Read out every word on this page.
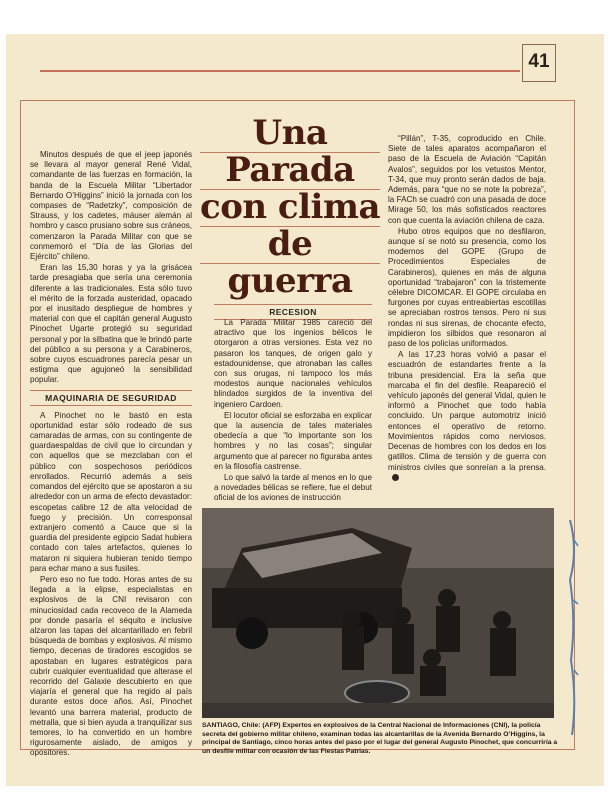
41
Una
Parada
con clima
de
guerra

Minutos después de que el jeep japonés se llevara al mayor general René Vidal, comandante de las fuerzas en formación, la banda de la Escuela Militar “Libertador Bernardo O’Higgins” inició la jornada con los compases de “Radetzky”, composición de Strauss, y los cadetes, máuser alemán al hombro y casco prusiano sobre sus cráneos, comenzaron la Parada Militar con que se conmemoró el “Día de las Glorias del Ejército” chileno.

Eran las 15,30 horas y ya la grisácea tarde presagiaba que sería una ceremonia diferente a las tradicionales. Esta sólo tuvo el mérito de la forzada austeridad, opacado por el inusitado despliegue de hombres y material con que el capitán general Augusto Pinochet Ugarte protegió su seguridad personal y por la silbatina que le brindó parte del público a su persona y a Carabineros, sobre cuyos escuadrones parecía pesar un estigma que agujoneó la sensibilidad popular.

MAQUINARIA DE SEGURIDAD

A Pinochet no le bastó en esta oportunidad estar sólo rodeado de sus camaradas de armas, con su contingente de guardaespaldas de civil que lo circundan y con aquellos que se mezclaban con el público con sospechosos periódicos enrollados. Recurrió además a seis comandos del ejército que se apostaron a su alrededor con un arma de efecto devastador: escopetas calibre 12 de alta velocidad de fuego y precisión. Un corresponsal extranjero comentó a Cauce que si la guardia del presidente egipcio Sadat hubiera contado con tales artefactos, quienes lo mataron ni siquiera hubieran tenido tiempo para echar mano a sus fusiles.

Pero eso no fue todo. Horas antes de su llegada a la elipse, especialistas en explosivos de la CNI revisaron con minuciosidad cada recoveco de la Alameda por donde pasaría el séquito e inclusive alzaron las tapas del alcantarillado en febril búsqueda de bombas y explosivos. Al mismo tiempo, decenas de tiradores escogidos se apostaban en lugares estratégicos para cubrir cualquier eventualidad que alterase el recorrido del Galaxie descubierto en que viajaría el general que ha regido al país durante estos doce años. Así, Pinochet levantó una barrera material, producto de metralla, que si bien ayuda a tranquilizar sus temores, lo ha convertido en un hombre rigurosamente aislado, de amigos y opositores.

RECESION

La Parada Militar 1985 careció del atractivo que los ingenios bélicos le otorgaron a otras versiones. Esta vez no pasaron los tanques, de origen galo y estadounidense, que atronaban las calles con sus orugas, ni tampoco los más modestos aunque nacionales vehículos blindados surgidos de la inventiva del ingeniero Cardoen.

El locutor oficial se esforzaba en explicar que la ausencia de tales materiales obedecía a que “lo importante son los hombres y no las cosas”; singular argumento que al parecer no figuraba antes en la filosofía castrense.

Lo que salvó la tarde al menos en lo que a novedades bélicas se refiere, fue el debut oficial de los aviones de instrucción

“Pillán”, T-35, coproducido en Chile. Siete de tales aparatos acompañaron el paso de la Escuela de Aviación “Capitán Avalos”, seguidos por los vetustos Mentor, T-34, que muy pronto serán dados de baja. Además, para “que no se note la pobreza”, la FACh se cuadró con una pasada de doce Mirage 50, los más sofisticados reactores con que cuenta la aviación chilena de caza.

Hubo otros equipos que no desfilaron, aunque sí se notó su presencia, como los modernos del GOPE (Grupo de Procedimientos Especiales de Carabineros), quienes en más de alguna oportunidad “trabajaron” con la tristemente célebre DICOMCAR. El GOPE circulaba en furgones por cuyas entreabiertas escotillas se apreciaban rostros tensos. Pero ni sus rondas ni sus sirenas, de chocante efecto, impidieron los silbidos que resonaron al paso de los policías uniformados.

A las 17,23 horas volvió a pasar el escuadrón de estandartes frente a la tribuna presidencial. Era la seña que marcaba el fin del desfile. Reapareció el vehículo japonés del general Vidal, quien le informó a Pinochet que todo había concluido. Un parque automotriz inició entonces el operativo de retorno. Movimientos rápidos como nerviosos. Decenas de hombres con los dedos en los gatillos. Clima de tensión y de guerra con ministros civiles que sonreían a la prensa.

SANTIAGO, Chile: (AFP) Expertos en explosivos de la Central Nacional de Informaciones (CNI), la policía secreta del gobierno militar chileno, examinan todas las alcantarillas de la Avenida Bernardo O’Higgins, la principal de Santiago, cinco horas antes del paso por el lugar del general Augusto Pinochet, que concurriría a un desfile militar con ocasión de las Fiestas Patrias.
